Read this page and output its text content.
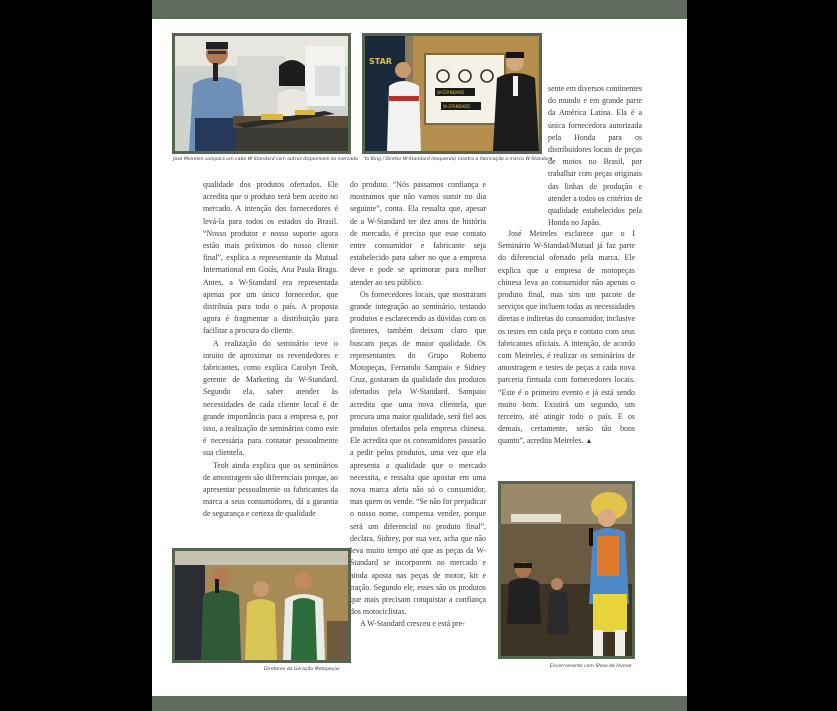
STAR
W-STANDARD
W-STANDARD
José Meireles compara um cabo W-Standard com outros disponíveis no mercado Yu Bing / Diretor W-Standard (esquerda) mostra a fabricação a marca W-Standard

qualidade dos produtos ofertados. Ele acredita que o produto será bem aceito no mercado. A intenção dos fornecedores é levá-la para todos os estados do Brasil. “Nosso produtor e nosso suporte agora estão mais próximos do nosso cliente final”, explica a representante da Mutual International em Goiás, Ana Paula Braga. Antes, a W-Standard era representada apenas por um único fornecedor, que distribuía para todo o país. A proposta agora é fragmentar a distribuição para facilitar a procura do cliente.

A realização do seminário teve o intuito de aproximar os revendedores e fabricantes, como explica Carolyn Teoh, gerente de Marketing da W-Standard. Segundo ela, saber atender às necessidades de cada cliente local é de grande importância para a empresa e, por isso, a realização de seminários como este é necessária para contatar pessoalmente sua clientela.

Teoh ainda explica que os seminários de amostragem são diferenciais porque, ao apresentar pessoalmente os fabricantes da marca a seus consumidores, dá a garantia de segurança e certeza de qualidade

do produto. “Nós passamos confiança e mostramos que não vamos sumir no dia seguinte”, conta. Ela ressalta que, apesar de a W-Standard ter dez anos de história de mercado, é preciso que esse contato entre consumidor e fabricante seja estabelecido para saber no que a empresa deve e pode se aprimorar para melhor atender ao seu público.

Os fornecedores locais, que mostraram grande integração ao seminário, testando produtos e esclarecendo as dúvidas com os diretores, também deixam claro que buscam peças de maior qualidade. Os representantes do Grupo Roberto Motopeças, Fernando Sampaio e Sidney Cruz, gostaram da qualidade dos produtos ofertados pela W-Standard. Sampaio acredita que uma nova clientela, que procura uma maior qualidade, será fiel aos produtos ofertados pela empresa chinesa. Ele acredita que os consumidores passarão a pedir pelos produtos, uma vez que ela apresenta a qualidade que o mercado necessita, e ressalta que apostar em uma nova marca afeta não só o consumidor, mas quem os vende. “Se não for prejudicar o nosso nome, compensa vender, porque será um diferencial no produto final”, declara. Sidney, por sua vez, acha que não leva muito tempo até que as peças da W-Standard se incorporem no mercado e ainda aposta nas peças de motor, kit e tração. Segundo ele, esses são os produtos que mais precisam conquistar a confiança dos motociclistas.

A W-Standard cresceu e está pre-

sente em diversos continentes do mundo e em grande parte da América Latina. Ela é a única fornecedora autorizada pela Honda para os distribuidores locais de peças de motos no Brasil, por trabalhar com peças originais das linhas de produção e atender a todos os critérios de qualidade estabelecidos pela Honda no Japão.

José Meireles esclarece que o I Seminário W-Standad/Mutual já faz parte do diferencial ofertado pela marca. Ele explica que a empresa de motopeças chinesa leva ao consumidor não apenas o produto final, mas sim um pacote de serviços que incluem todas as necessidades diretas e indiretas do consumidor, inclusive os testes em cada peça e contato com seus fabricantes oficiais. A intenção, de acordo com Meireles, é realizar os seminários de amostragem e testes de peças a cada nova parceria firmada com fornecedores locais. “Este é o primeiro evento e já está sendo muito bom. Existirá um segundo, um terceiro, até atingir todo o país. E os demais, certamente, serão tão bons quanto”, acredita Meireles. ▲

Diretores da Geração Motopeças
Encerramento com Show de Humor
